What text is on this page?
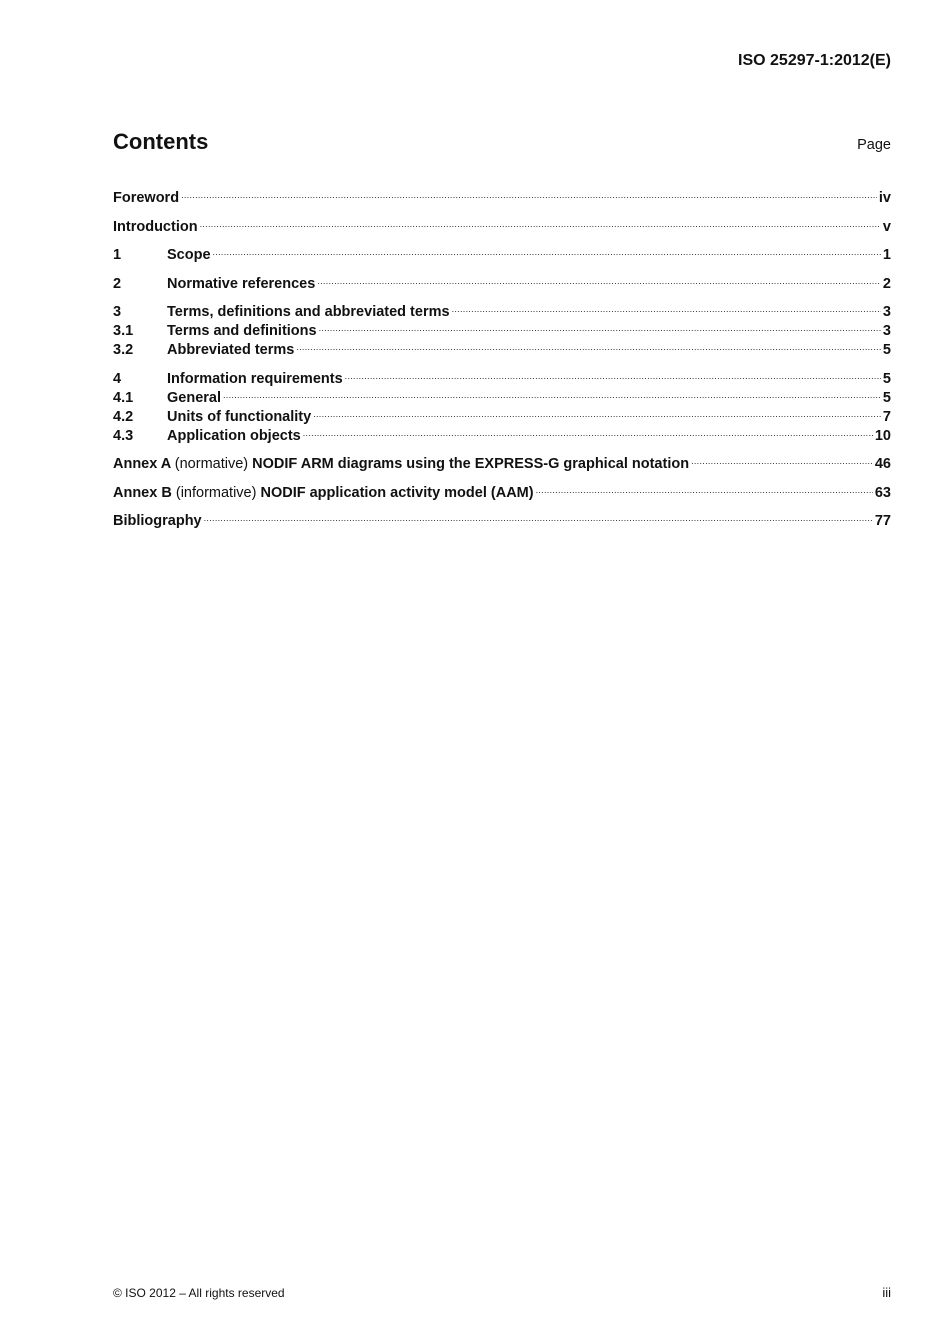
ISO 25297-1:2012(E)
Contents	Page
Foreword .....	iv
Introduction .....	v
1	Scope .....	1
2	Normative references .....	2
3	Terms, definitions and abbreviated terms .....	3
3.1	Terms and definitions .....	3
3.2	Abbreviated terms .....	5
4	Information requirements .....	5
4.1	General .....	5
4.2	Units of functionality .....	7
4.3	Application objects .....	10
Annex A (normative) NODIF ARM diagrams using the EXPRESS-G graphical notation .....	46
Annex B (informative) NODIF application activity model (AAM) .....	63
Bibliography .....	77
© ISO 2012 – All rights reserved	iii
